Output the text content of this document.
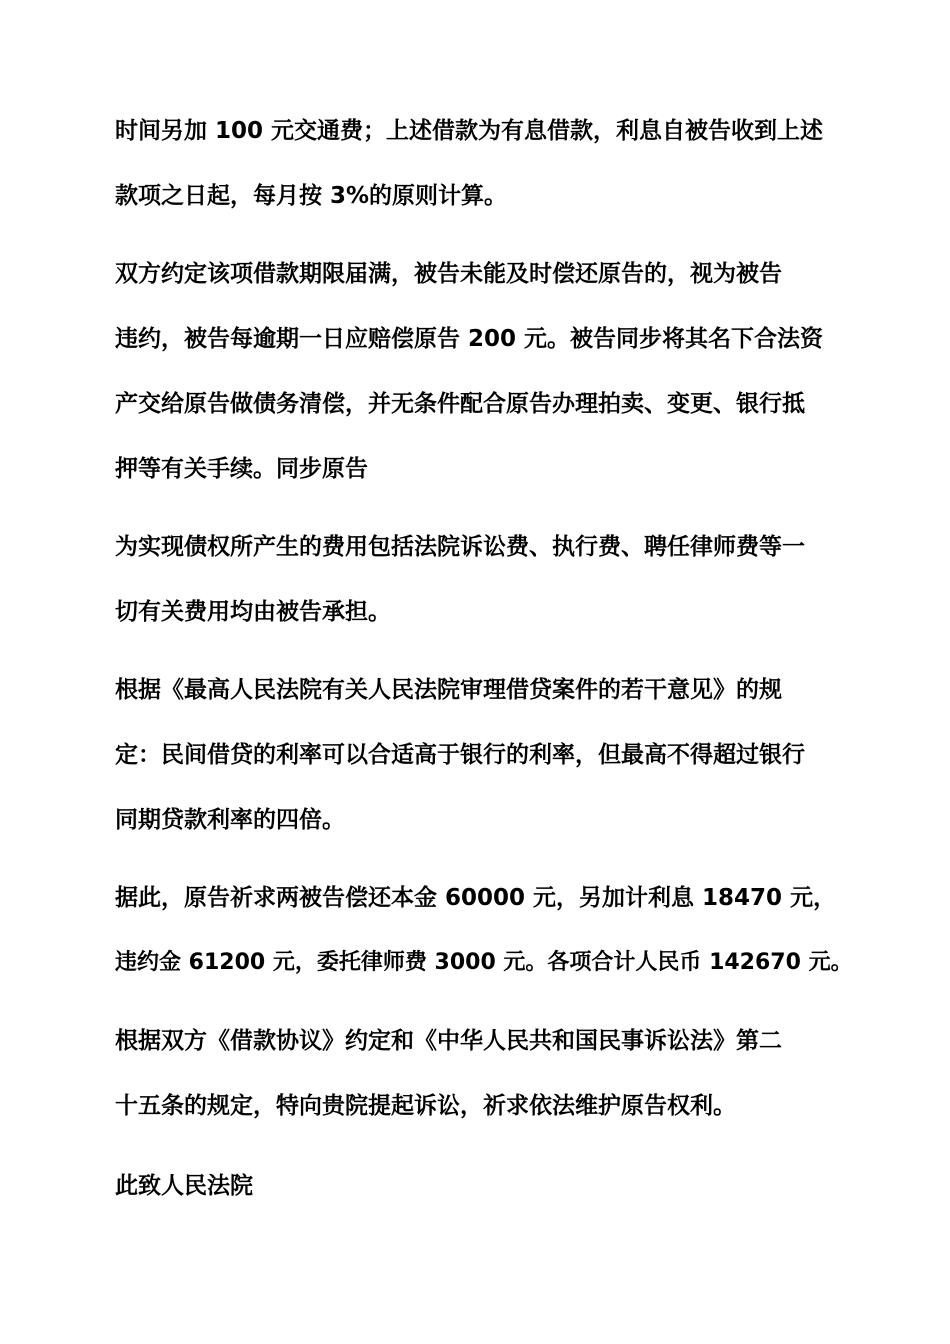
时间另加 100 元交通费；上述借款为有息借款，利息自被告收到上述
款项之日起，每月按 3%的原则计算。
双方约定该项借款期限届满，被告未能及时偿还原告的，视为被告
违约，被告每逾期一日应赔偿原告 200 元。被告同步将其名下合法资
产交给原告做债务清偿，并无条件配合原告办理拍卖、变更、银行抵
押等有关手续。同步原告
为实现债权所产生的费用包括法院诉讼费、执行费、聘任律师费等一
切有关费用均由被告承担。
根据《最高人民法院有关人民法院审理借贷案件的若干意见》的规
定：民间借贷的利率可以合适高于银行的利率，但最高不得超过银行
同期贷款利率的四倍。
据此，原告祈求两被告偿还本金 60000 元，另加计利息 18470 元，
违约金 61200 元，委托律师费 3000 元。各项合计人民币 142670 元。
根据双方《借款协议》约定和《中华人民共和国民事诉讼法》第二
十五条的规定，特向贵院提起诉讼，祈求依法维护原告权利。
此致人民法院
